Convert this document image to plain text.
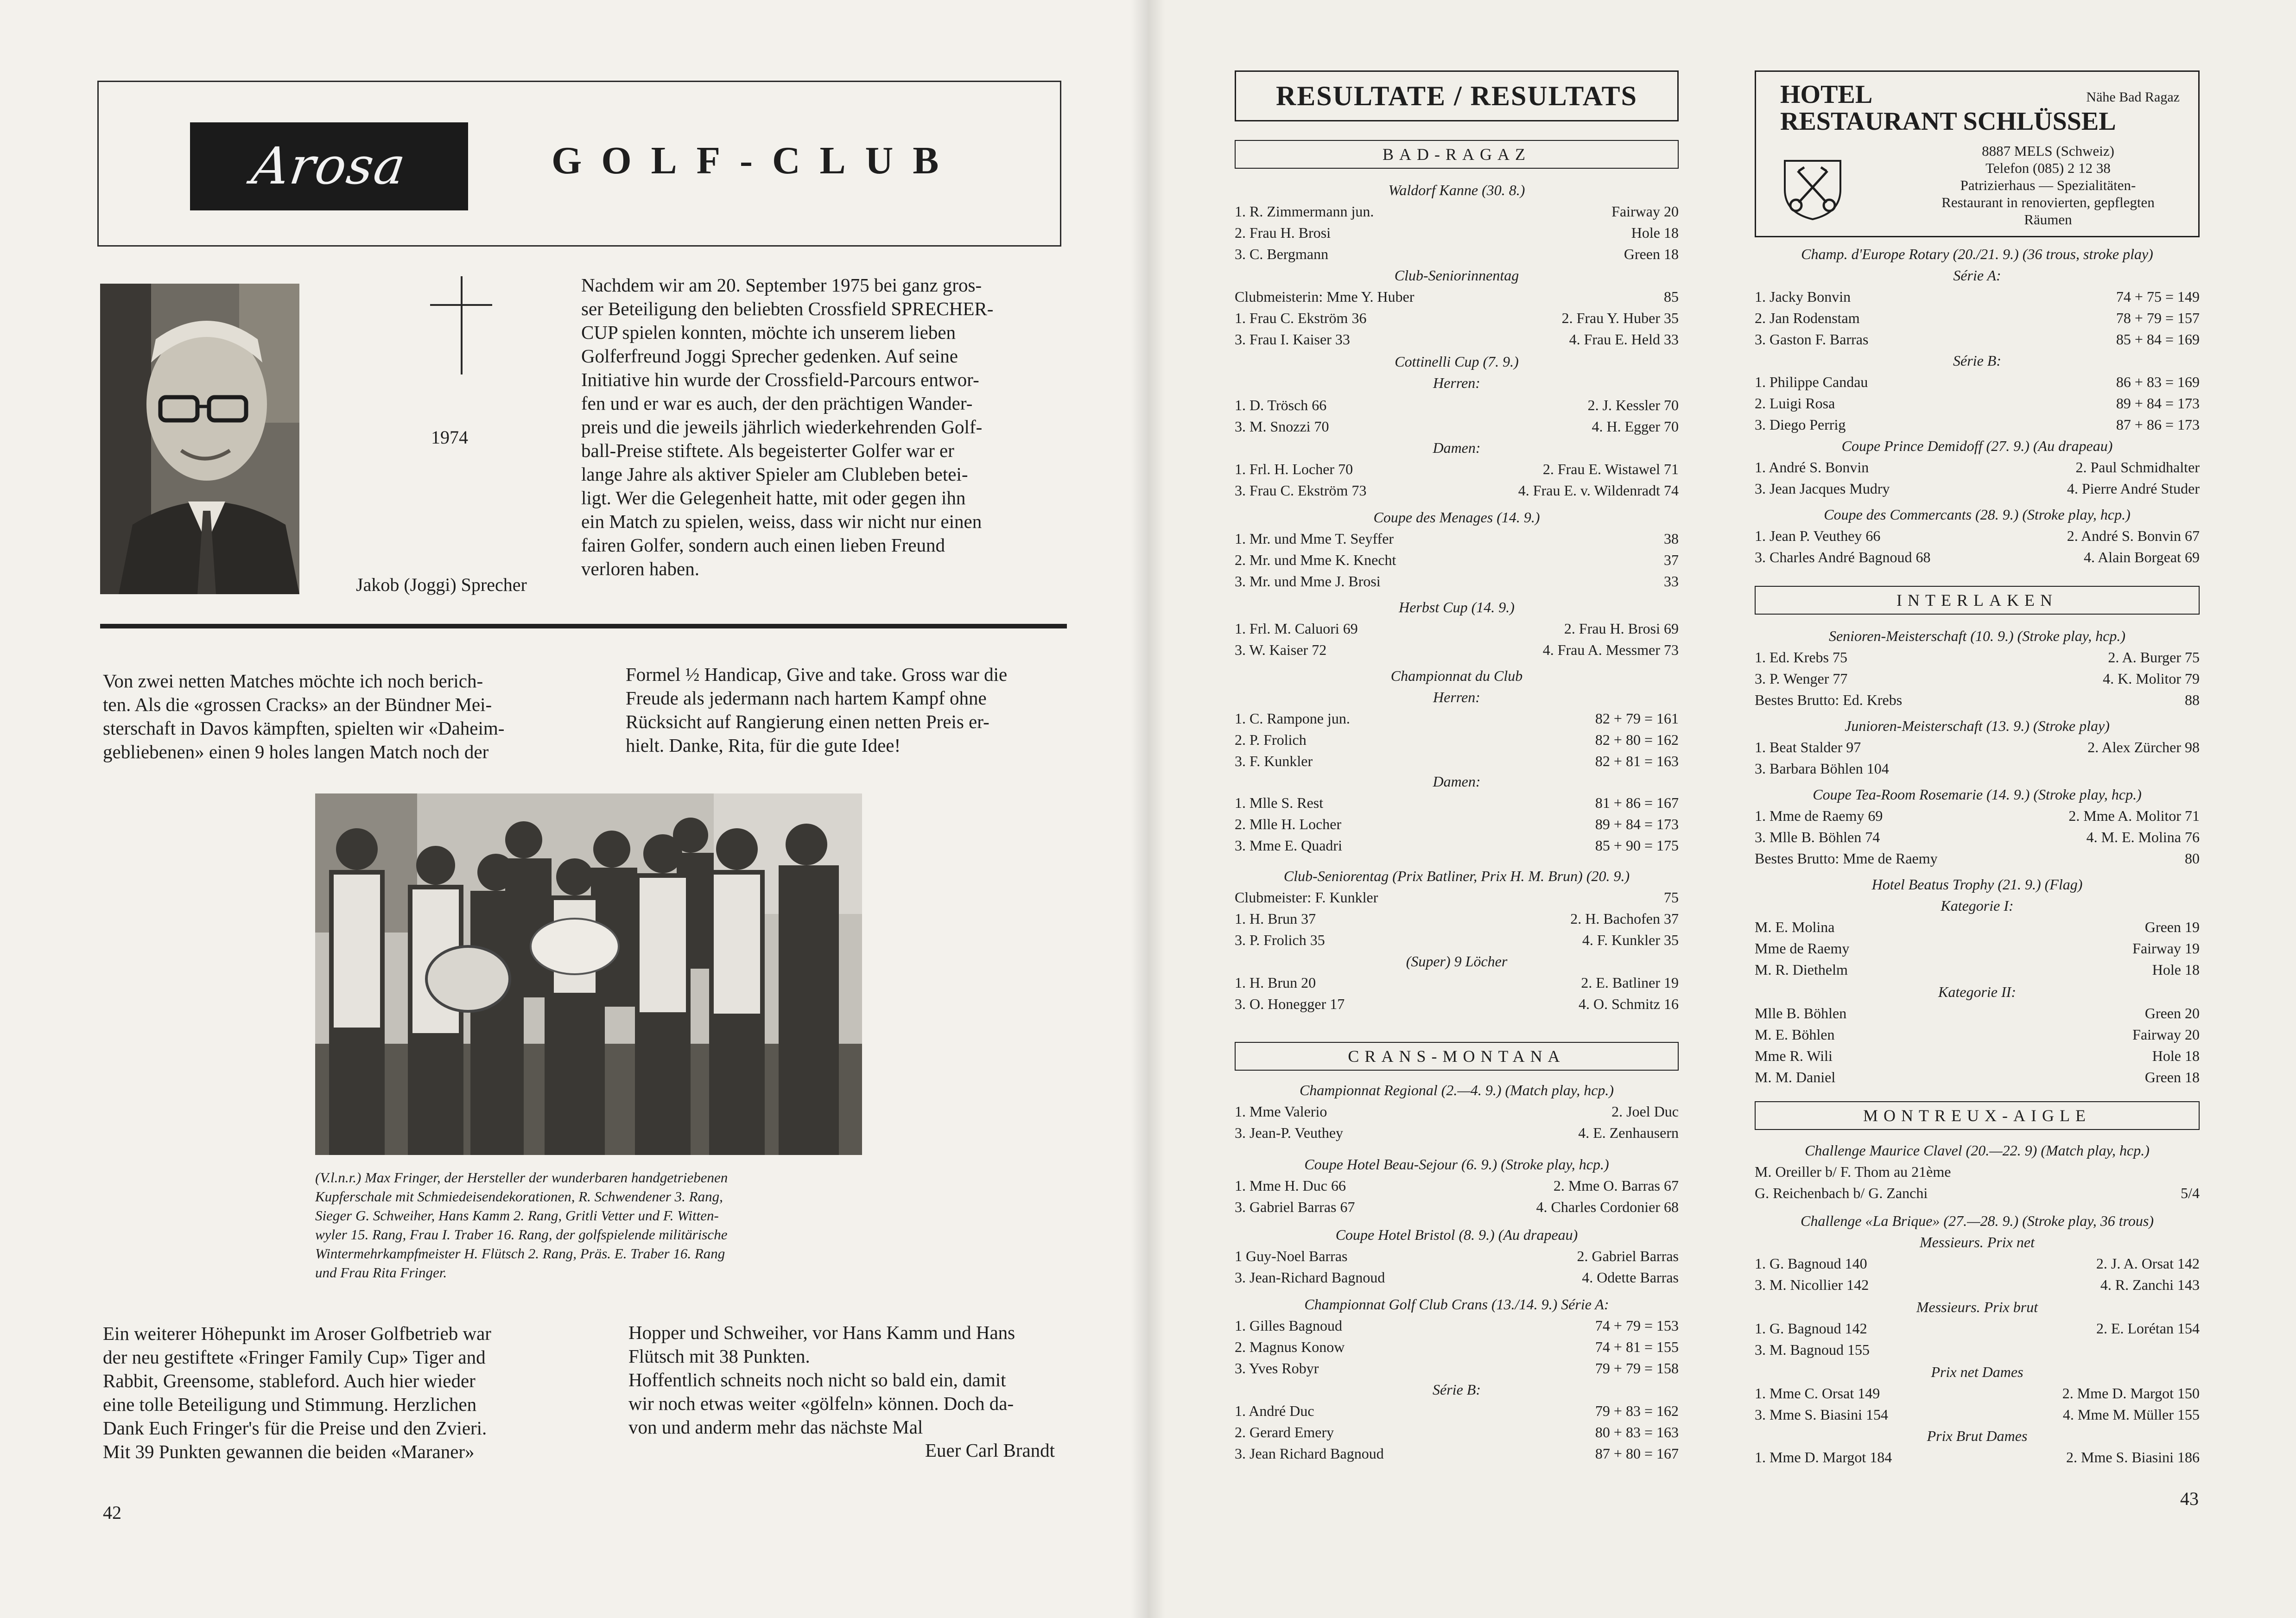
Arosa	GOLF-CLUB
1974
Jakob (Joggi) Sprecher
Nachdem wir am 20. September 1975 bei ganz gros-
ser Beteiligung den beliebten Crossfield SPRECHER-
CUP spielen konnten, möchte ich unserem lieben
Golferfreund Joggi Sprecher gedenken. Auf seine
Initiative hin wurde der Crossfield-Parcours entwor-
fen und er war es auch, der den prächtigen Wander-
preis und die jeweils jährlich wiederkehrenden Golf-
ball-Preise stiftete. Als begeisterter Golfer war er
lange Jahre als aktiver Spieler am Clubleben betei-
ligt. Wer die Gelegenheit hatte, mit oder gegen ihn
ein Match zu spielen, weiss, dass wir nicht nur einen
fairen Golfer, sondern auch einen lieben Freund
verloren haben.
Von zwei netten Matches möchte ich noch berich-
ten. Als die «grossen Cracks» an der Bündner Mei-
sterschaft in Davos kämpften, spielten wir «Daheim-
gebliebenen» einen 9 holes langen Match noch der
Formel ½ Handicap, Give and take. Gross war die
Freude als jedermann nach hartem Kampf ohne
Rücksicht auf Rangierung einen netten Preis er-
hielt. Danke, Rita, für die gute Idee!
(V.l.n.r.) Max Fringer, der Hersteller der wunderbaren handgetriebenen
Kupferschale mit Schmiedeisendekorationen, R. Schwendener 3. Rang,
Sieger G. Schweiher, Hans Kamm 2. Rang, Gritli Vetter und F. Witten-
wyler 15. Rang, Frau I. Traber 16. Rang, der golfspielende militärische
Wintermehrkampfmeister H. Flütsch 2. Rang, Präs. E. Traber 16. Rang
und Frau Rita Fringer.
Ein weiterer Höhepunkt im Aroser Golfbetrieb war
der neu gestiftete «Fringer Family Cup» Tiger and
Rabbit, Greensome, stableford. Auch hier wieder
eine tolle Beteiligung und Stimmung. Herzlichen
Dank Euch Fringer's für die Preise und den Zvieri.
Mit 39 Punkten gewannen die beiden «Maraner»
Hopper und Schweiher, vor Hans Kamm und Hans
Flütsch mit 38 Punkten.
Hoffentlich schneits noch nicht so bald ein, damit
wir noch etwas weiter «gölfeln» können. Doch da-
von und anderm mehr das nächste Mal
Euer Carl Brandt
42
RESULTATE / RESULTATS
BAD-RAGAZ
Waldorf Kanne (30. 8.)
1. R. Zimmermann jun.	Fairway 20
2. Frau H. Brosi	Hole 18
3. C. Bergmann	Green 18
Club-Seniorinnentag
Clubmeisterin: Mme Y. Huber	85
1. Frau C. Ekström 36	2. Frau Y. Huber 35
3. Frau I. Kaiser 33	4. Frau E. Held 33
Cottinelli Cup (7. 9.)
Herren:
1. D. Trösch 66	2. J. Kessler 70
3. M. Snozzi 70	4. H. Egger 70
Damen:
1. Frl. H. Locher 70	2. Frau E. Wistawel 71
3. Frau C. Ekström 73	4. Frau E. v. Wildenradt 74
Coupe des Menages (14. 9.)
1. Mr. und Mme T. Seyffer	38
2. Mr. und Mme K. Knecht	37
3. Mr. und Mme J. Brosi	33
Herbst Cup (14. 9.)
1. Frl. M. Caluori 69	2. Frau H. Brosi 69
3. W. Kaiser 72	4. Frau A. Messmer 73
Championnat du Club
Herren:
1. C. Rampone jun.	82 + 79 = 161
2. P. Frolich	82 + 80 = 162
3. F. Kunkler	82 + 81 = 163
Damen:
1. Mlle S. Rest	81 + 86 = 167
2. Mlle H. Locher	89 + 84 = 173
3. Mme E. Quadri	85 + 90 = 175
Club-Seniorentag (Prix Batliner, Prix H. M. Brun) (20. 9.)
Clubmeister: F. Kunkler	75
1. H. Brun 37	2. H. Bachofen 37
3. P. Frolich 35	4. F. Kunkler 35
(Super) 9 Löcher
1. H. Brun 20	2. E. Batliner 19
3. O. Honegger 17	4. O. Schmitz 16
CRANS-MONTANA
Championnat Regional (2.—4. 9.) (Match play, hcp.)
1. Mme Valerio	2. Joel Duc
3. Jean-P. Veuthey	4. E. Zenhausern
Coupe Hotel Beau-Sejour (6. 9.) (Stroke play, hcp.)
1. Mme H. Duc 66	2. Mme O. Barras 67
3. Gabriel Barras 67	4. Charles Cordonier 68
Coupe Hotel Bristol (8. 9.) (Au drapeau)
1 Guy-Noel Barras	2. Gabriel Barras
3. Jean-Richard Bagnoud	4. Odette Barras
Championnat Golf Club Crans (13./14. 9.) Série A:
1. Gilles Bagnoud	74 + 79 = 153
2. Magnus Konow	74 + 81 = 155
3. Yves Robyr	79 + 79 = 158
Série B:
1. André Duc	79 + 83 = 162
2. Gerard Emery	80 + 83 = 163
3. Jean Richard Bagnoud	87 + 80 = 167
HOTEL
RESTAURANT SCHLÜSSEL
Nähe Bad Ragaz
8887 MELS (Schweiz)
Telefon (085) 2 12 38
Patrizierhaus — Spezialitäten-
Restaurant in renovierten, gepflegten
Räumen
Champ. d'Europe Rotary (20./21. 9.) (36 trous, stroke play)
Série A:
1. Jacky Bonvin	74 + 75 = 149
2. Jan Rodenstam	78 + 79 = 157
3. Gaston F. Barras	85 + 84 = 169
Série B:
1. Philippe Candau	86 + 83 = 169
2. Luigi Rosa	89 + 84 = 173
3. Diego Perrig	87 + 86 = 173
Coupe Prince Demidoff (27. 9.) (Au drapeau)
1. André S. Bonvin	2. Paul Schmidhalter
3. Jean Jacques Mudry	4. Pierre André Studer
Coupe des Commercants (28. 9.) (Stroke play, hcp.)
1. Jean P. Veuthey 66	2. André S. Bonvin 67
3. Charles André Bagnoud 68	4. Alain Borgeat 69
INTERLAKEN
Senioren-Meisterschaft (10. 9.) (Stroke play, hcp.)
1. Ed. Krebs 75	2. A. Burger 75
3. P. Wenger 77	4. K. Molitor 79
Bestes Brutto: Ed. Krebs	88
Junioren-Meisterschaft (13. 9.) (Stroke play)
1. Beat Stalder 97	2. Alex Zürcher 98
3. Barbara Böhlen 104
Coupe Tea-Room Rosemarie (14. 9.) (Stroke play, hcp.)
1. Mme de Raemy 69	2. Mme A. Molitor 71
3. Mlle B. Böhlen 74	4. M. E. Molina 76
Bestes Brutto: Mme de Raemy	80
Hotel Beatus Trophy (21. 9.) (Flag)
Kategorie I:
M. E. Molina	Green 19
Mme de Raemy	Fairway 19
M. R. Diethelm	Hole 18
Kategorie II:
Mlle B. Böhlen	Green 20
M. E. Böhlen	Fairway 20
Mme R. Wili	Hole 18
M. M. Daniel	Green 18
MONTREUX-AIGLE
Challenge Maurice Clavel (20.—22. 9) (Match play, hcp.)
M. Oreiller b/ F. Thom au 21ème
G. Reichenbach b/ G. Zanchi	5/4
Challenge «La Brique» (27.—28. 9.) (Stroke play, 36 trous)
Messieurs. Prix net
1. G. Bagnoud 140	2. J. A. Orsat 142
3. M. Nicollier 142	4. R. Zanchi 143
Messieurs. Prix brut
1. G. Bagnoud 142	2. E. Lorétan 154
3. M. Bagnoud 155
Prix net Dames
1. Mme C. Orsat 149	2. Mme D. Margot 150
3. Mme S. Biasini 154	4. Mme M. Müller 155
Prix Brut Dames
1. Mme D. Margot 184	2. Mme S. Biasini 186
43
